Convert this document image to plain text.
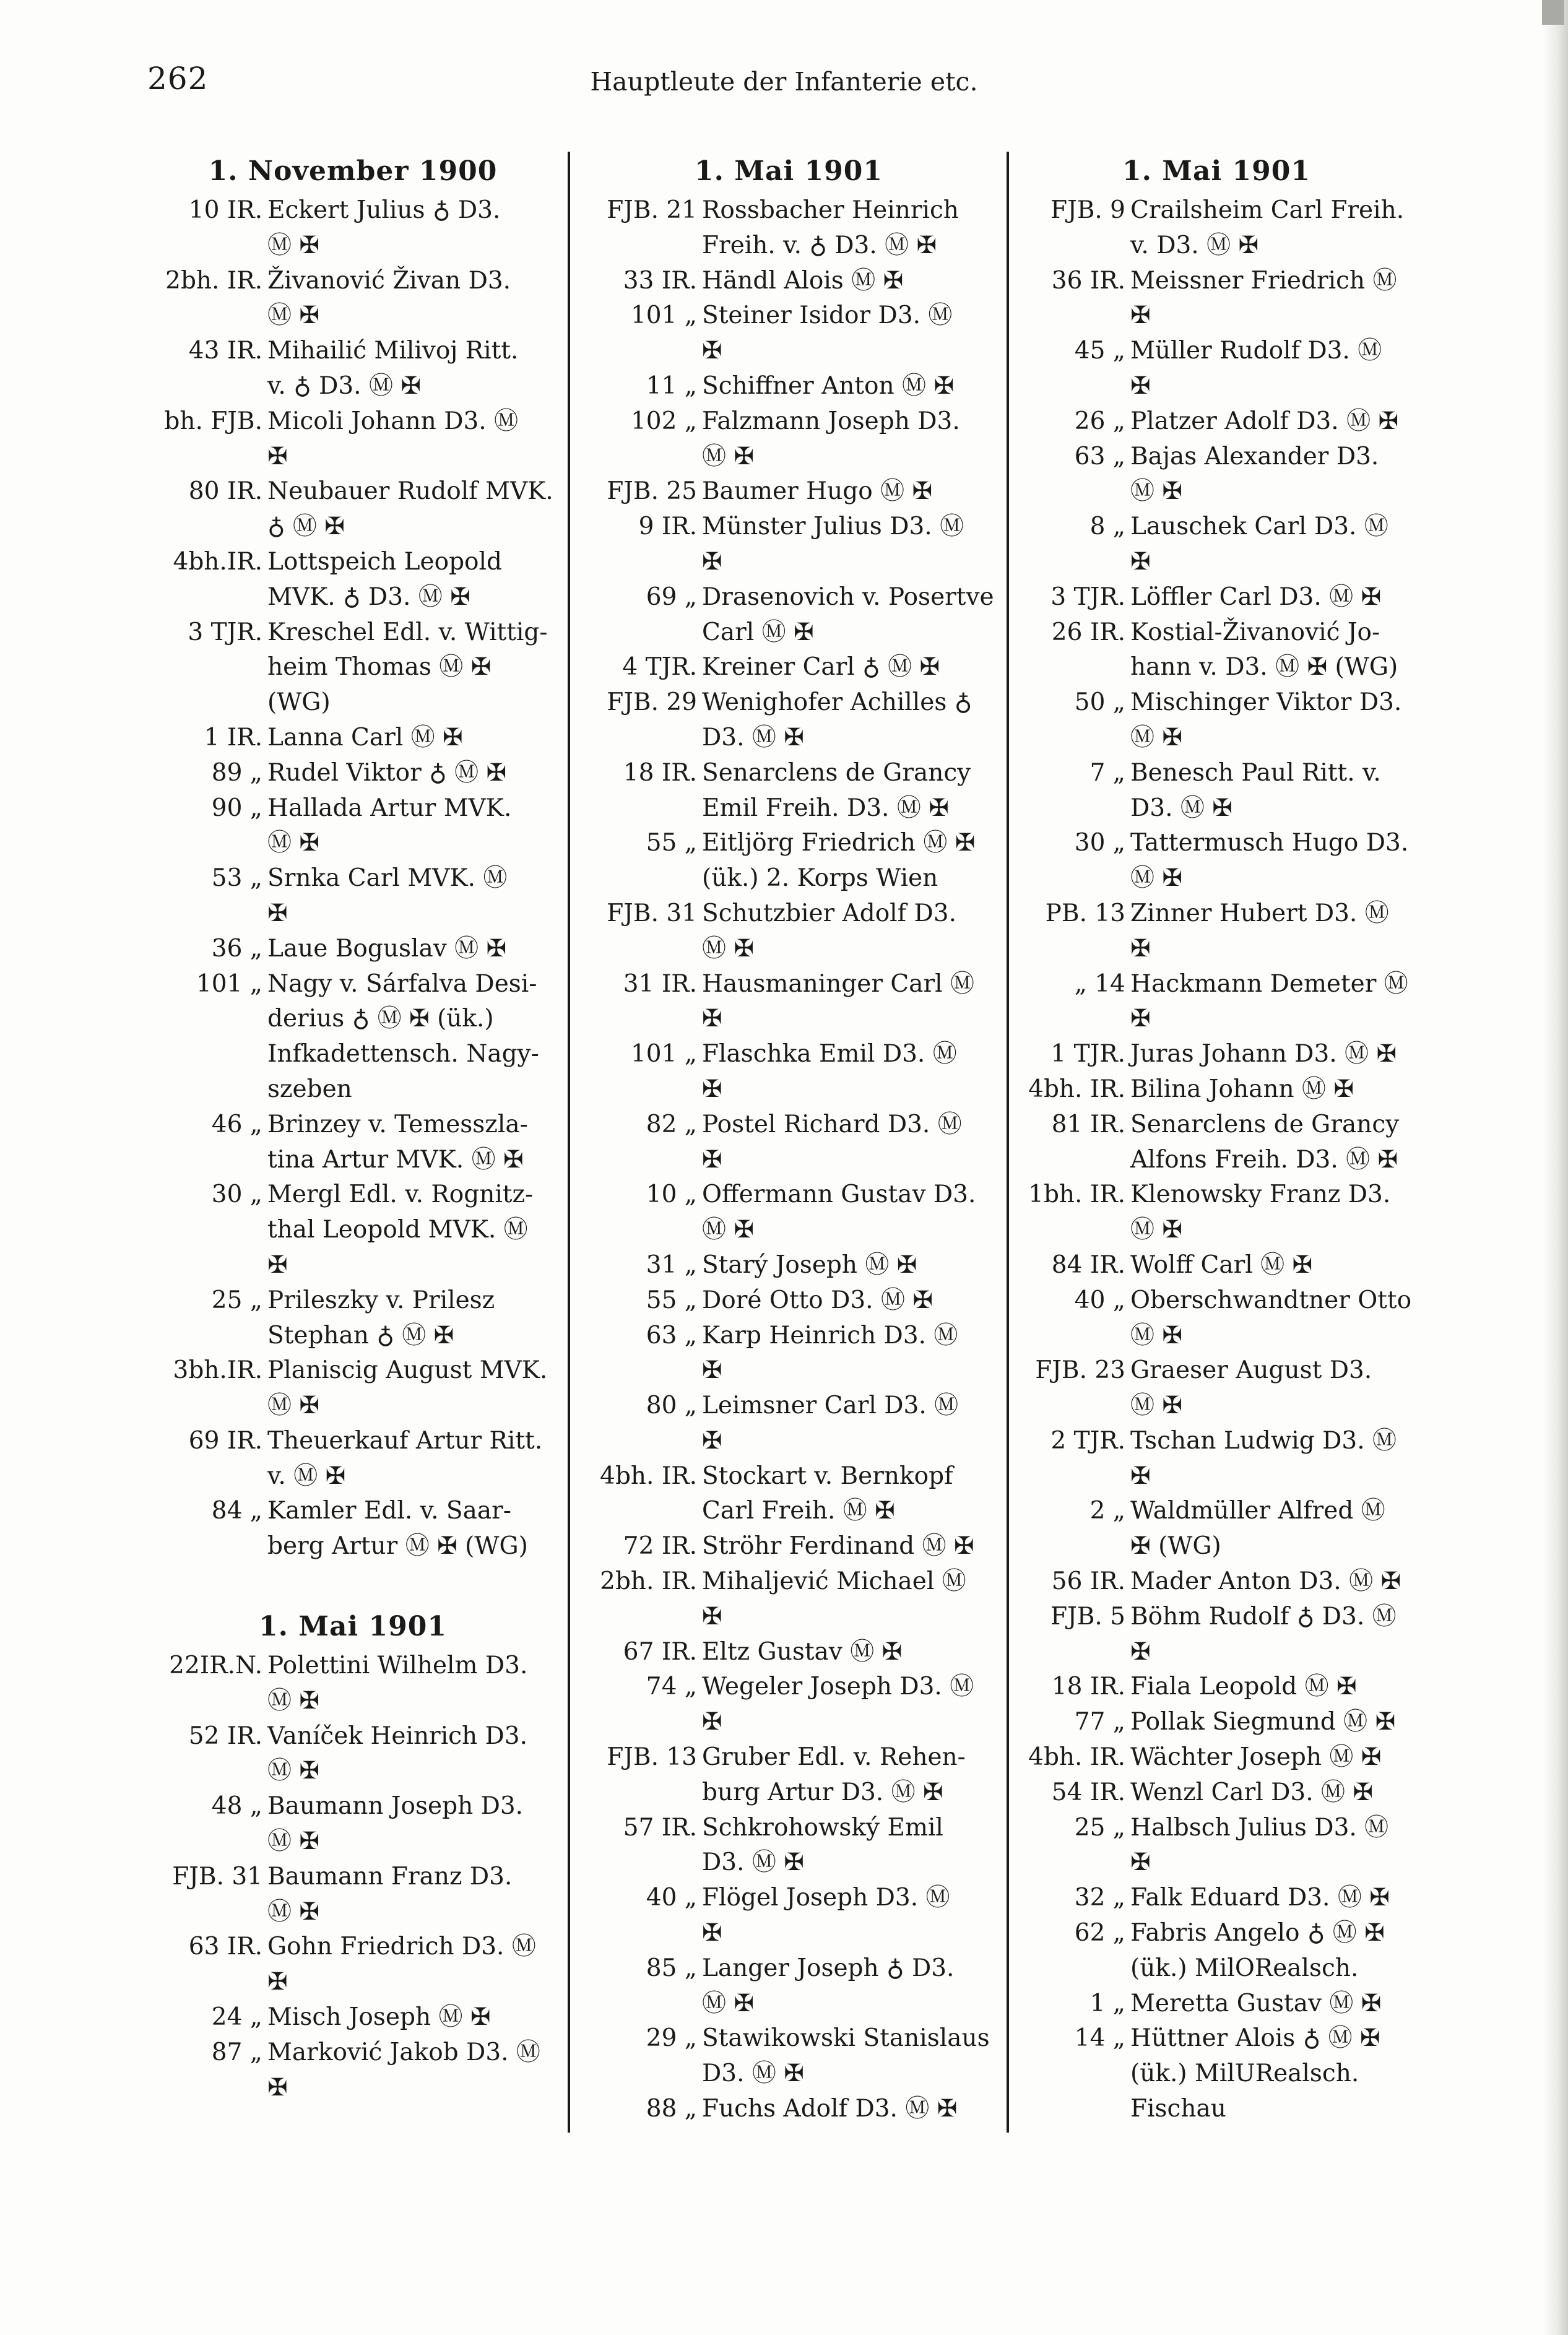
262	Hauptleute der Infanterie etc.
1. November 1900
10 IR. Eckert Julius ♁ D3.
Ⓜ ✠
2bh. IR. Živanović Živan D3.
Ⓜ ✠
43 IR. Mihailić Milivoj Ritt.
v. ♁ D3. Ⓜ ✠
bh. FJB. Micoli Johann D3. Ⓜ
✠
80 IR. Neubauer Rudolf MVK.
♁ Ⓜ ✠
4bh.IR. Lottspeich Leopold
MVK. ♁ D3. Ⓜ ✠
3 TJR. Kreschel Edl. v. Wittig-
heim Thomas Ⓜ ✠
(WG)
1 IR. Lanna Carl Ⓜ ✠
89 „ Rudel Viktor ♁ Ⓜ ✠
90 „ Hallada Artur MVK.
Ⓜ ✠
53 „ Srnka Carl MVK. Ⓜ
✠
36 „ Laue Boguslav Ⓜ ✠
101 „ Nagy v. Sárfalva Desi-
derius ♁ Ⓜ ✠ (ük.)
Infkadettensch. Nagy-
szeben
46 „ Brinzey v. Temesszla-
tina Artur MVK. Ⓜ ✠
30 „ Mergl Edl. v. Rognitz-
thal Leopold MVK. Ⓜ
✠
25 „ Prileszky v. Prilesz
Stephan ♁ Ⓜ ✠
3bh.IR. Planiscig August MVK.
Ⓜ ✠
69 IR. Theuerkauf Artur Ritt.
v. Ⓜ ✠
84 „ Kamler Edl. v. Saar-
berg Artur Ⓜ ✠ (WG)
1. Mai 1901
22IR.N. Polettini Wilhelm D3.
Ⓜ ✠
52 IR. Vaníček Heinrich D3.
Ⓜ ✠
48 „ Baumann Joseph D3.
Ⓜ ✠
FJB. 31 Baumann Franz D3.
Ⓜ ✠
63 IR. Gohn Friedrich D3. Ⓜ
✠
24 „ Misch Joseph Ⓜ ✠
87 „ Marković Jakob D3. Ⓜ
✠
1. Mai 1901
FJB. 21 Rossbacher Heinrich
Freih. v. ♁ D3. Ⓜ ✠
33 IR. Händl Alois Ⓜ ✠
101 „ Steiner Isidor D3. Ⓜ
✠
11 „ Schiffner Anton Ⓜ ✠
102 „ Falzmann Joseph D3.
Ⓜ ✠
FJB. 25 Baumer Hugo Ⓜ ✠
9 IR. Münster Julius D3. Ⓜ
✠
69 „ Drasenovich v. Posertve
Carl Ⓜ ✠
4 TJR. Kreiner Carl ♁ Ⓜ ✠
FJB. 29 Wenighofer Achilles ♁
D3. Ⓜ ✠
18 IR. Senarclens de Grancy
Emil Freih. D3. Ⓜ ✠
55 „ Eitljörg Friedrich Ⓜ ✠
(ük.) 2. Korps Wien
FJB. 31 Schutzbier Adolf D3.
Ⓜ ✠
31 IR. Hausmaninger Carl Ⓜ
✠
101 „ Flaschka Emil D3. Ⓜ
✠
82 „ Postel Richard D3. Ⓜ
✠
10 „ Offermann Gustav D3.
Ⓜ ✠
31 „ Starý Joseph Ⓜ ✠
55 „ Doré Otto D3. Ⓜ ✠
63 „ Karp Heinrich D3. Ⓜ
✠
80 „ Leimsner Carl D3. Ⓜ
✠
4bh. IR. Stockart v. Bernkopf
Carl Freih. Ⓜ ✠
72 IR. Ströhr Ferdinand Ⓜ ✠
2bh. IR. Mihaljević Michael Ⓜ
✠
67 IR. Eltz Gustav Ⓜ ✠
74 „ Wegeler Joseph D3. Ⓜ
✠
FJB. 13 Gruber Edl. v. Rehen-
burg Artur D3. Ⓜ ✠
57 IR. Schkrohowský Emil
D3. Ⓜ ✠
40 „ Flögel Joseph D3. Ⓜ
✠
85 „ Langer Joseph ♁ D3.
Ⓜ ✠
29 „ Stawikowski Stanislaus
D3. Ⓜ ✠
88 „ Fuchs Adolf D3. Ⓜ ✠
1. Mai 1901
FJB. 9 Crailsheim Carl Freih.
v. D3. Ⓜ ✠
36 IR. Meissner Friedrich Ⓜ
✠
45 „ Müller Rudolf D3. Ⓜ
✠
26 „ Platzer Adolf D3. Ⓜ ✠
63 „ Bajas Alexander D3.
Ⓜ ✠
8 „ Lauschek Carl D3. Ⓜ
✠
3 TJR. Löffler Carl D3. Ⓜ ✠
26 IR. Kostial-Živanović Jo-
hann v. D3. Ⓜ ✠ (WG)
50 „ Mischinger Viktor D3.
Ⓜ ✠
7 „ Benesch Paul Ritt. v.
D3. Ⓜ ✠
30 „ Tattermusch Hugo D3.
Ⓜ ✠
PB. 13 Zinner Hubert D3. Ⓜ
✠
„ 14 Hackmann Demeter Ⓜ
✠
1 TJR. Juras Johann D3. Ⓜ ✠
4bh. IR. Bilina Johann Ⓜ ✠
81 IR. Senarclens de Grancy
Alfons Freih. D3. Ⓜ ✠
1bh. IR. Klenowsky Franz D3.
Ⓜ ✠
84 IR. Wolff Carl Ⓜ ✠
40 „ Oberschwandtner Otto
Ⓜ ✠
FJB. 23 Graeser August D3.
Ⓜ ✠
2 TJR. Tschan Ludwig D3. Ⓜ
✠
2 „ Waldmüller Alfred Ⓜ
✠ (WG)
56 IR. Mader Anton D3. Ⓜ ✠
FJB. 5 Böhm Rudolf ♁ D3. Ⓜ
✠
18 IR. Fiala Leopold Ⓜ ✠
77 „ Pollak Siegmund Ⓜ ✠
4bh. IR. Wächter Joseph Ⓜ ✠
54 IR. Wenzl Carl D3. Ⓜ ✠
25 „ Halbsch Julius D3. Ⓜ
✠
32 „ Falk Eduard D3. Ⓜ ✠
62 „ Fabris Angelo ♁ Ⓜ ✠
(ük.) MilORealsch.
1 „ Meretta Gustav Ⓜ ✠
14 „ Hüttner Alois ♁ Ⓜ ✠
(ük.) MilURealsch.
Fischau
